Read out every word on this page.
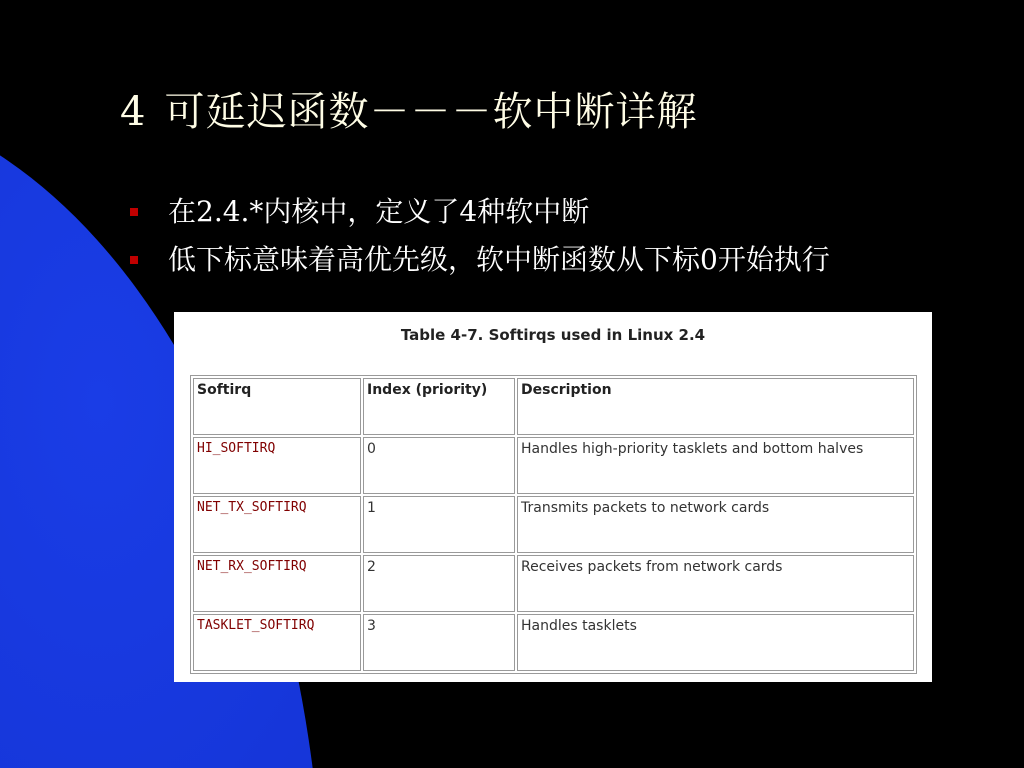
4 可延迟函数－－－软中断详解
在2.4.*内核中，定义了4种软中断
低下标意味着高优先级，软中断函数从下标0开始执行
Table 4-7. Softirqs used in Linux 2.4
Softirq	Index (priority)	Description
HI_SOFTIRQ	0	Handles high-priority tasklets and bottom halves
NET_TX_SOFTIRQ	1	Transmits packets to network cards
NET_RX_SOFTIRQ	2	Receives packets from network cards
TASKLET_SOFTIRQ	3	Handles tasklets
